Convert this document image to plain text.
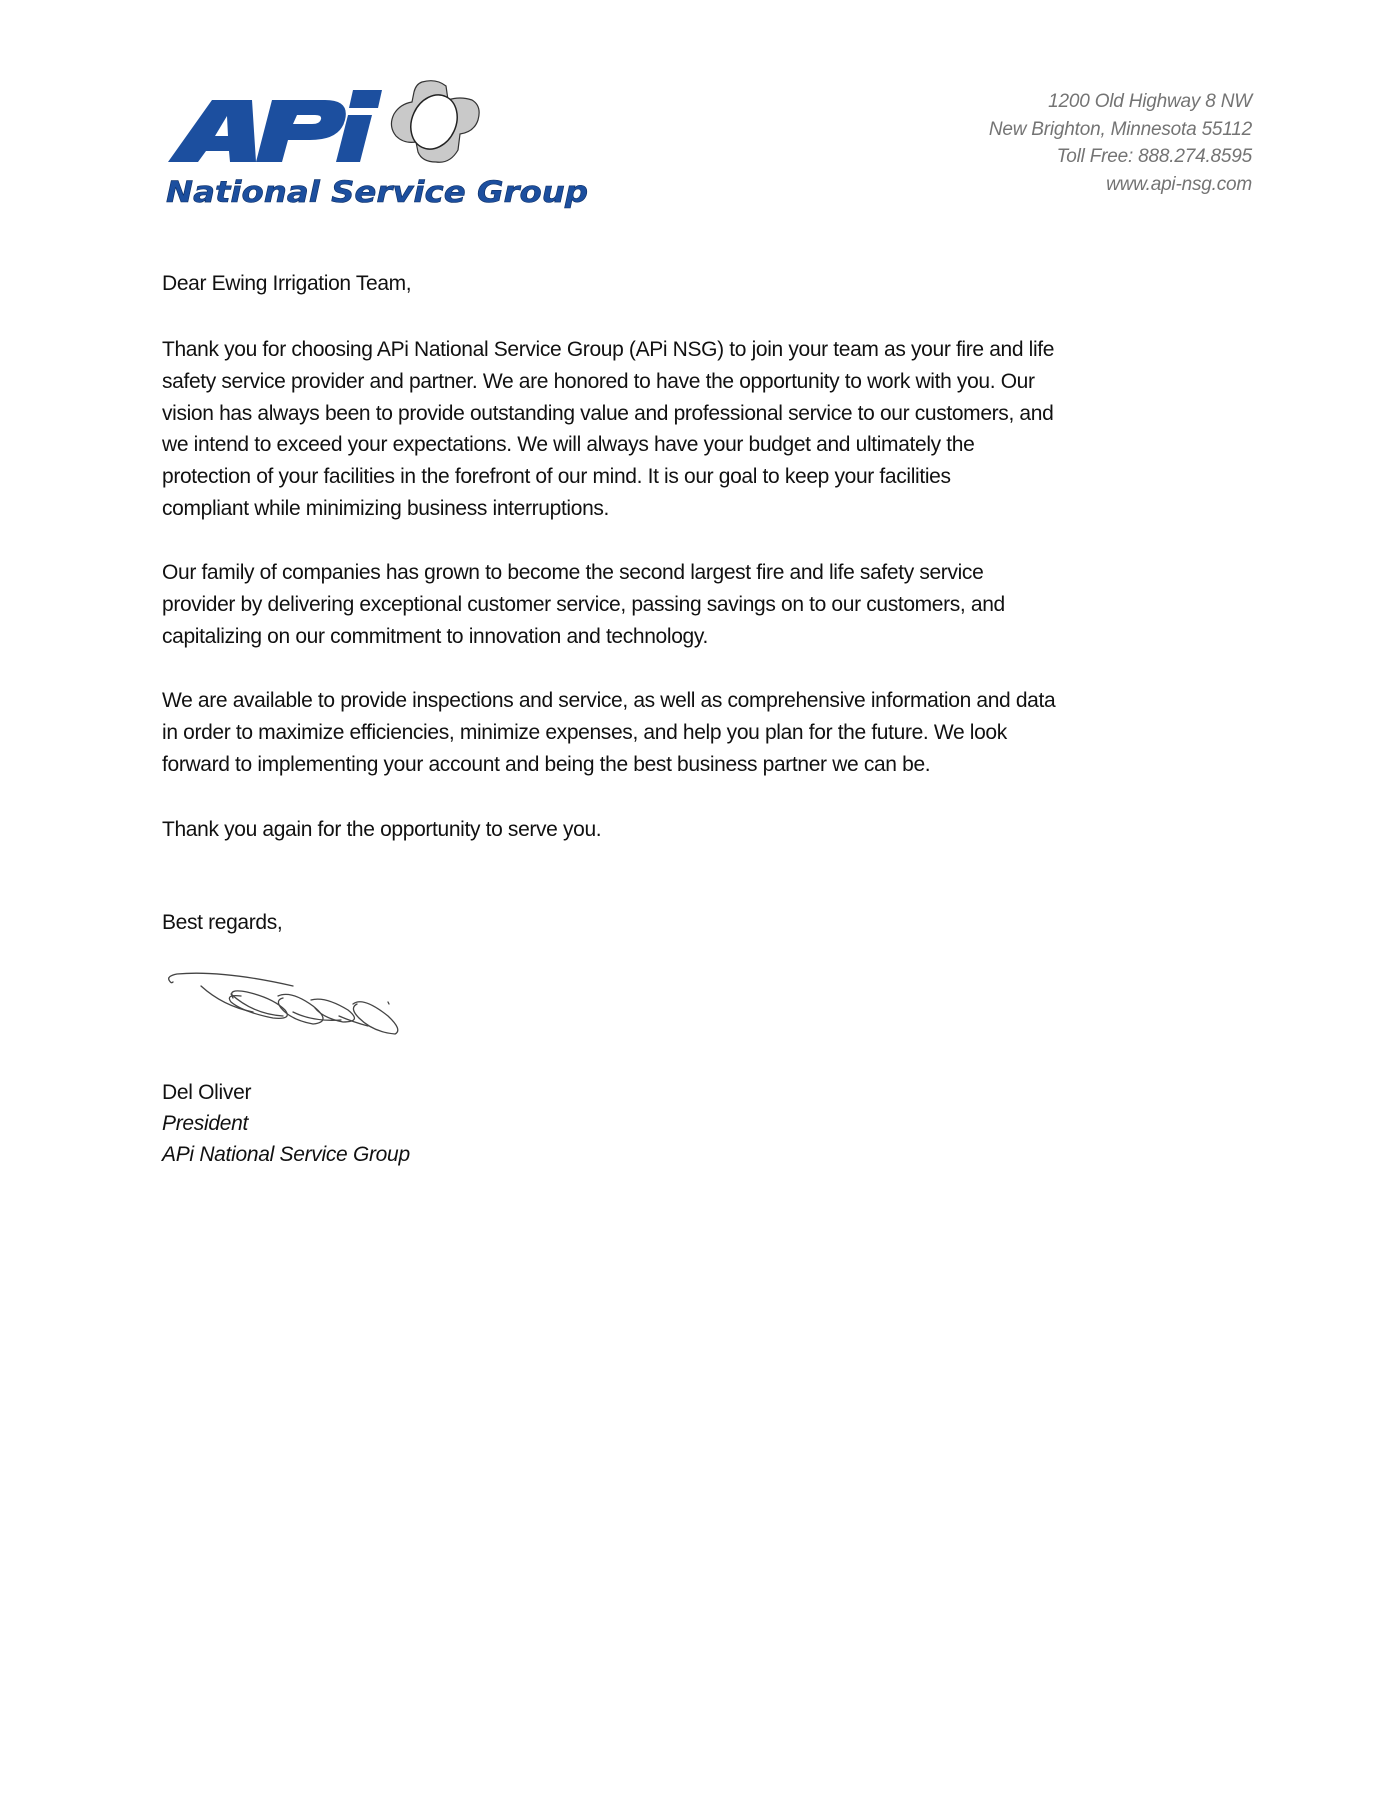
National Service Group
1200 Old Highway 8 NW
New Brighton, Minnesota 55112
Toll Free: 888.274.8595
www.api-nsg.com
Dear Ewing Irrigation Team,
Thank you for choosing APi National Service Group (APi NSG) to join your team as your fire and life
safety service provider and partner. We are honored to have the opportunity to work with you. Our
vision has always been to provide outstanding value and professional service to our customers, and
we intend to exceed your expectations. We will always have your budget and ultimately the
protection of your facilities in the forefront of our mind. It is our goal to keep your facilities
compliant while minimizing business interruptions.
Our family of companies has grown to become the second largest fire and life safety service
provider by delivering exceptional customer service, passing savings on to our customers, and
capitalizing on our commitment to innovation and technology.
We are available to provide inspections and service, as well as comprehensive information and data
in order to maximize efficiencies, minimize expenses, and help you plan for the future. We look
forward to implementing your account and being the best business partner we can be.
Thank you again for the opportunity to serve you.
Best regards,
Del Oliver
President
APi National Service Group
